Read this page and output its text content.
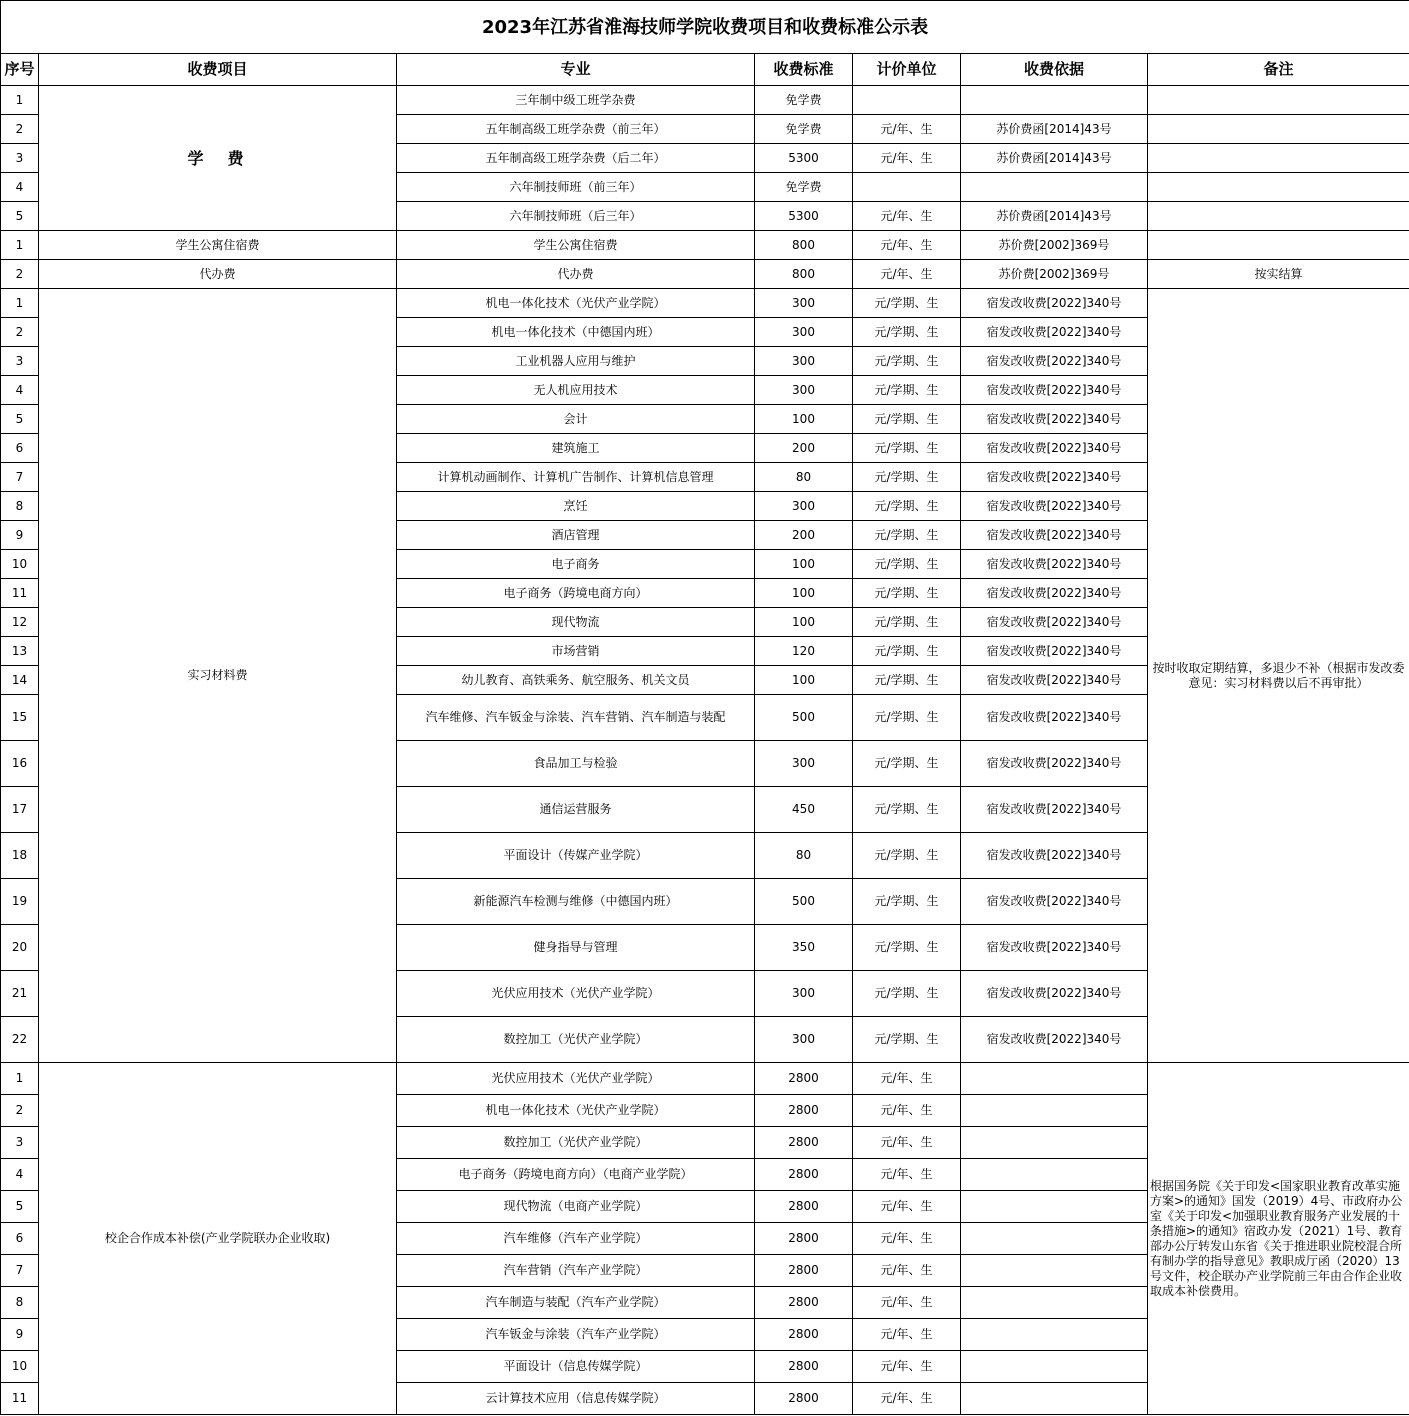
2023年江苏省淮海技师学院收费项目和收费标准公示表						
序号	收费项目	专业	收费标准	计价单位	收费依据	备注
1	学　费	三年制中级工班学杂费	免学费			
2		五年制高级工班学杂费（前三年）	免学费	元/年、生	苏价费函[2014]43号	
3		五年制高级工班学杂费（后二年）	5300	元/年、生	苏价费函[2014]43号	
4		六年制技师班（前三年）	免学费			
5		六年制技师班（后三年）	5300	元/年、生	苏价费函[2014]43号	
1	学生公寓住宿费	学生公寓住宿费	800	元/年、生	苏价费[2002]369号	
2	代办费	代办费	800	元/年、生	苏价费[2002]369号	按实结算
1	实习材料费	机电一体化技术（光伏产业学院）	300	元/学期、生	宿发改收费[2022]340号	按时收取定期结算，多退少不补（根据市发改委意见：实习材料费以后不再审批）
2		机电一体化技术（中德国内班）	300	元/学期、生	宿发改收费[2022]340号	
3		工业机器人应用与维护	300	元/学期、生	宿发改收费[2022]340号	
4		无人机应用技术	300	元/学期、生	宿发改收费[2022]340号	
5		会计	100	元/学期、生	宿发改收费[2022]340号	
6		建筑施工	200	元/学期、生	宿发改收费[2022]340号	
7		计算机动画制作、计算机广告制作、计算机信息管理	80	元/学期、生	宿发改收费[2022]340号	
8		烹饪	300	元/学期、生	宿发改收费[2022]340号	
9		酒店管理	200	元/学期、生	宿发改收费[2022]340号	
10		电子商务	100	元/学期、生	宿发改收费[2022]340号	
11		电子商务（跨境电商方向）	100	元/学期、生	宿发改收费[2022]340号	
12		现代物流	100	元/学期、生	宿发改收费[2022]340号	
13		市场营销	120	元/学期、生	宿发改收费[2022]340号	
14		幼儿教育、高铁乘务、航空服务、机关文员	100	元/学期、生	宿发改收费[2022]340号	
15		汽车维修、汽车钣金与涂装、汽车营销、汽车制造与装配	500	元/学期、生	宿发改收费[2022]340号	
16		食品加工与检验	300	元/学期、生	宿发改收费[2022]340号	
17		通信运营服务	450	元/学期、生	宿发改收费[2022]340号	
18		平面设计（传媒产业学院）	80	元/学期、生	宿发改收费[2022]340号	
19		新能源汽车检测与维修（中德国内班）	500	元/学期、生	宿发改收费[2022]340号	
20		健身指导与管理	350	元/学期、生	宿发改收费[2022]340号	
21		光伏应用技术（光伏产业学院）	300	元/学期、生	宿发改收费[2022]340号	
22		数控加工（光伏产业学院）	300	元/学期、生	宿发改收费[2022]340号	
1	校企合作成本补偿(产业学院联办企业收取)	光伏应用技术（光伏产业学院）	2800	元/年、生		根据国务院《关于印发<国家职业教育改革实施方案>的通知》国发（2019）4号、市政府办公室《关于印发<加强职业教育服务产业发展的十条措施>的通知》宿政办发（2021）1号、教育部办公厅转发山东省《关于推进职业院校混合所有制办学的指导意见》教职成厅函（2020）13号文件，校企联办产业学院前三年由合作企业收取成本补偿费用。
2		机电一体化技术（光伏产业学院）	2800	元/年、生		
3		数控加工（光伏产业学院）	2800	元/年、生		
4		电子商务（跨境电商方向）（电商产业学院）	2800	元/年、生		
5		现代物流（电商产业学院）	2800	元/年、生		
6		汽车维修（汽车产业学院）	2800	元/年、生		
7		汽车营销（汽车产业学院）	2800	元/年、生		
8		汽车制造与装配（汽车产业学院）	2800	元/年、生		
9		汽车钣金与涂装（汽车产业学院）	2800	元/年、生		
10		平面设计（信息传媒学院）	2800	元/年、生		
11		云计算技术应用（信息传媒学院）	2800	元/年、生		
